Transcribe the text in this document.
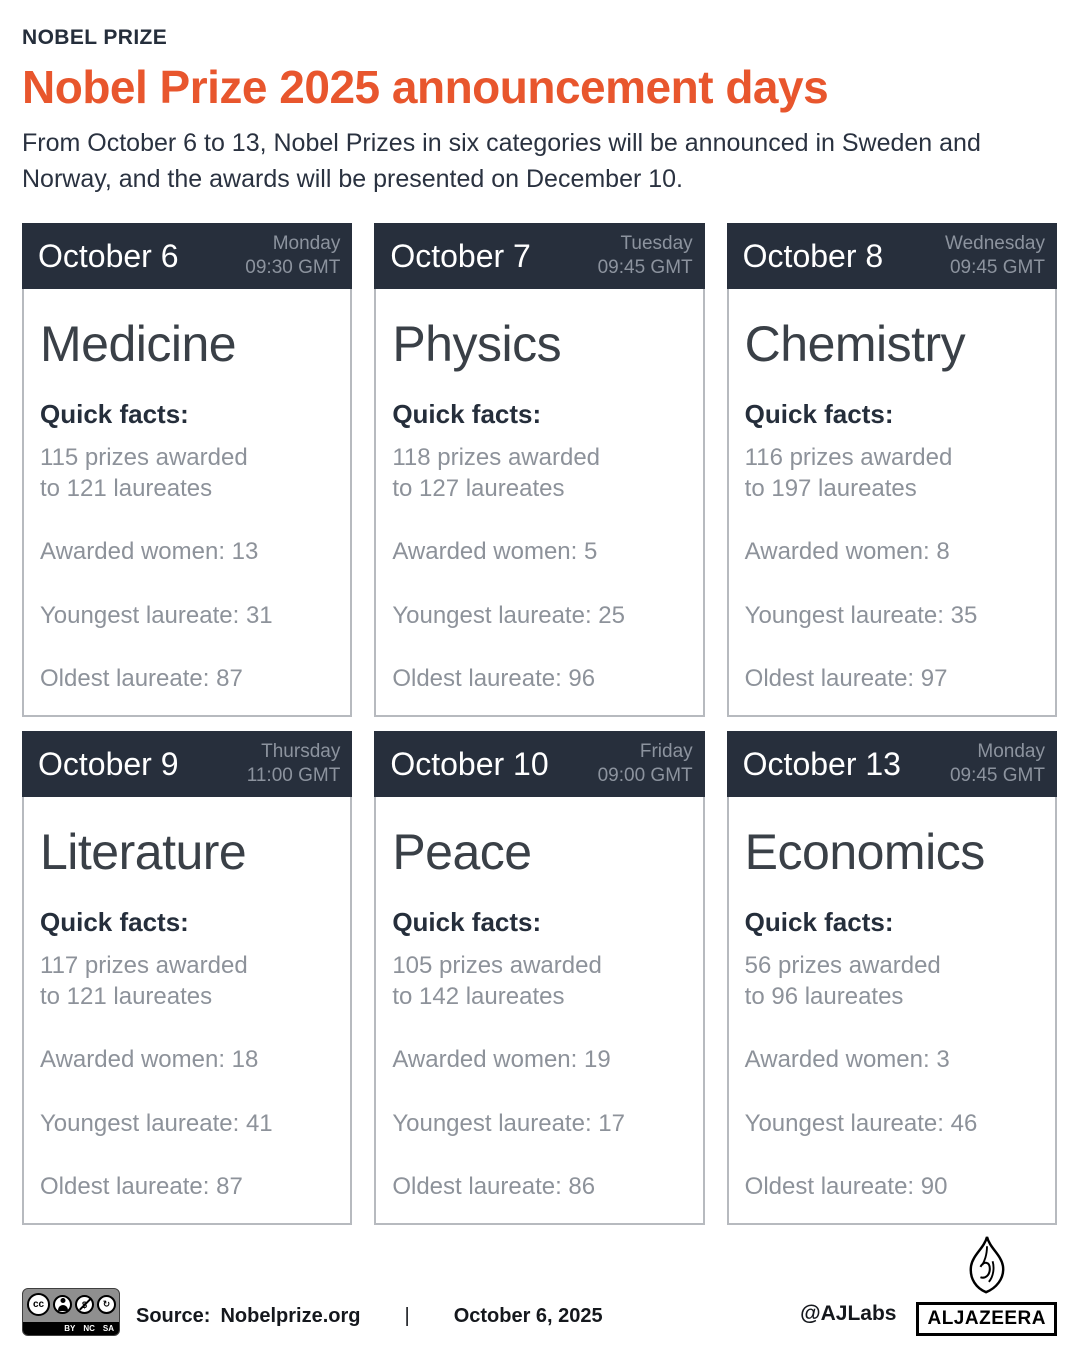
NOBEL PRIZE
Nobel Prize 2025 announcement days

From October 6 to 13, Nobel Prizes in six categories will be announced in Sweden and Norway, and the awards will be presented on December 10.

October 6	Monday
09:30 GMT
Medicine
Quick facts:

115 prizes awarded
to 121 laureates

Awarded women: 13

Youngest laureate: 31

Oldest laureate: 87

October 7	Tuesday
09:45 GMT
Physics
Quick facts:

118 prizes awarded
to 127 laureates

Awarded women: 5

Youngest laureate: 25

Oldest laureate: 96

October 8	Wednesday
09:45 GMT
Chemistry
Quick facts:

116 prizes awarded
to 197 laureates

Awarded women: 8

Youngest laureate: 35

Oldest laureate: 97

October 9	Thursday
11:00 GMT
Literature
Quick facts:

117 prizes awarded
to 121 laureates

Awarded women: 18

Youngest laureate: 41

Oldest laureate: 87

October 10	Friday
09:00 GMT
Peace
Quick facts:

105 prizes awarded
to 142 laureates

Awarded women: 19

Youngest laureate: 17

Oldest laureate: 86

October 13	Monday
09:45 GMT
Economics
Quick facts:

56 prizes awarded
to 96 laureates

Awarded women: 3

Youngest laureate: 46

Oldest laureate: 90

cc	↻
BY NC SA
Source: Nobelprize.org | October 6, 2025	@AJLabs	ALJAZEERA
